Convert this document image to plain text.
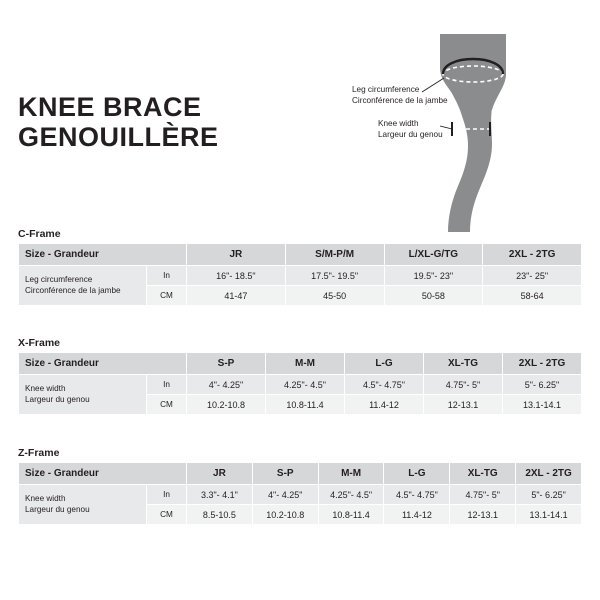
KNEE BRACE
GENOUILLÈRE
Leg circumference
Circonférence de la jambe
Knee width
Largeur du genou
C-Frame
Size - Grandeur		JR	S/M-P/M	L/XL-G/TG	2XL - 2TG

Leg circumference
Circonférence de la jambe	In	16"- 18.5"	17.5"- 19.5"	19.5"- 23"	23"- 25"
	CM	41-47	45-50	50-58	58-64
X-Frame
Size - Grandeur		S-P	M-M	L-G	XL-TG	2XL - 2TG

Knee width
Largeur du genou	In	4"- 4.25"	4.25"- 4.5"	4.5"- 4.75"	4.75"- 5"	5"- 6.25"
	CM	10.2-10.8	10.8-11.4	11.4-12	12-13.1	13.1-14.1
Z-Frame
Size - Grandeur		JR	S-P	M-M	L-G	XL-TG	2XL - 2TG

Knee width
Largeur du genou	In	3.3"- 4.1"	4"- 4.25"	4.25"- 4.5"	4.5"- 4.75"	4.75"- 5"	5"- 6.25"
	CM	8.5-10.5	10.2-10.8	10.8-11.4	11.4-12	12-13.1	13.1-14.1
